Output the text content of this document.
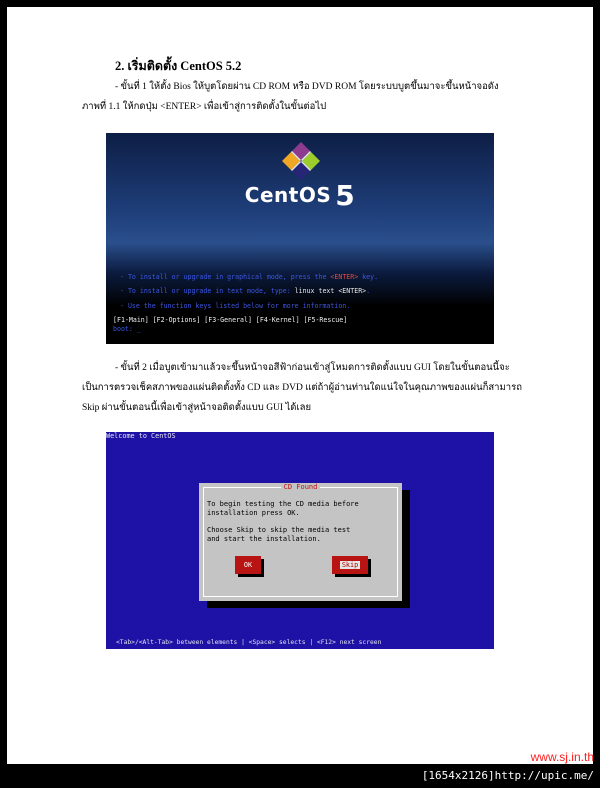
2. เริ่มติดตั้ง CentOS 5.2
- ขั้นที่ 1 ให้ตั้ง Bios ให้บูตโดยผ่าน CD ROM หรือ DVD ROM โดยระบบบูตขึ้นมาจะขึ้นหน้าจอดัง
ภาพที่ 1.1 ให้กดปุ่ม <ENTER> เพื่อเข้าสู่การติดตั้งในขั้นต่อไป
CentOS 5
- To install or upgrade in graphical mode, press the <ENTER> key.
- To install or upgrade in text mode, type: linux text <ENTER>.
- Use the function keys listed below for more information.
[F1-Main] [F2-Options] [F3-General] [F4-Kernel] [F5-Rescue]
boot: _
- ขั้นที่ 2 เมื่อบูตเข้ามาแล้วจะขึ้นหน้าจอสีฟ้าก่อนเข้าสู่โหมดการติดตั้งแบบ GUI โดยในขั้นตอนนี้จะ
เป็นการตรวจเช็คสภาพของแผ่นติดตั้งทั้ง CD และ DVD แต่ถ้าผู้อ่านท่านใดแน่ใจในคุณภาพของแผ่นก็สามารถ
Skip ผ่านขั้นตอนนี้เพื่อเข้าสู่หน้าจอติดตั้งแบบ GUI ได้เลย
Welcome to CentOS
CD Found
To begin testing the CD media before
installation press OK.
Choose Skip to skip the media test
and start the installation.
OK	Skip
<Tab>/<Alt-Tab> between elements | <Space> selects | <F12> next screen
www.sj.in.th
[1654x2126]http://upic.me/
